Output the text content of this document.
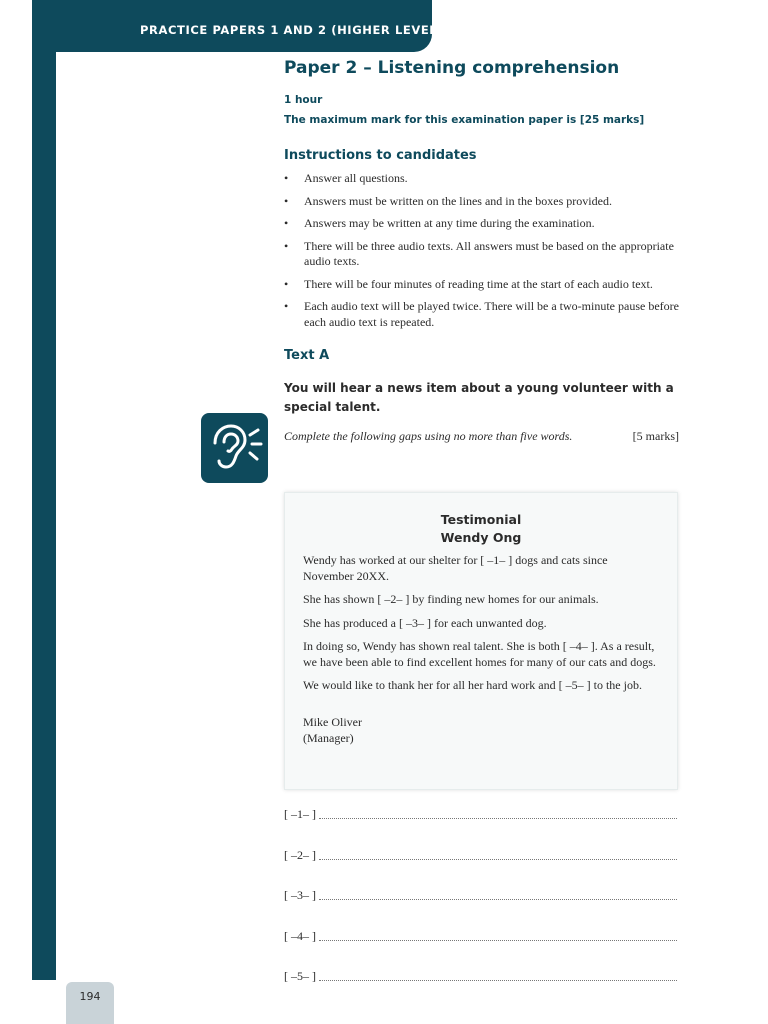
PRACTICE PAPERS 1 AND 2 (HIGHER LEVEL)
Paper 2 – Listening comprehension
1 hour
The maximum mark for this examination paper is [25 marks]
Instructions to candidates
• Answer all questions.
• Answers must be written on the lines and in the boxes provided.
• Answers may be written at any time during the examination.
• There will be three audio texts. All answers must be based on the appropriate audio texts.
• There will be four minutes of reading time at the start of each audio text.
• Each audio text will be played twice. There will be a two-minute pause before each audio text is repeated.
Text A
You will hear a news item about a young volunteer with a special talent.
Complete the following gaps using no more than five words.	[5 marks]
Testimonial
Wendy Ong

Wendy has worked at our shelter for [ –1– ] dogs and cats since November 20XX.

She has shown [ –2– ] by finding new homes for our animals.

She has produced a [ –3– ] for each unwanted dog.

In doing so, Wendy has shown real talent. She is both [ –4– ]. As a result, we have been able to find excellent homes for many of our cats and dogs.

We would like to thank her for all her hard work and [ –5– ] to the job.

Mike Oliver
(Manager)
[ –1– ]
[ –2– ]
[ –3– ]
[ –4– ]
[ –5– ]
194
